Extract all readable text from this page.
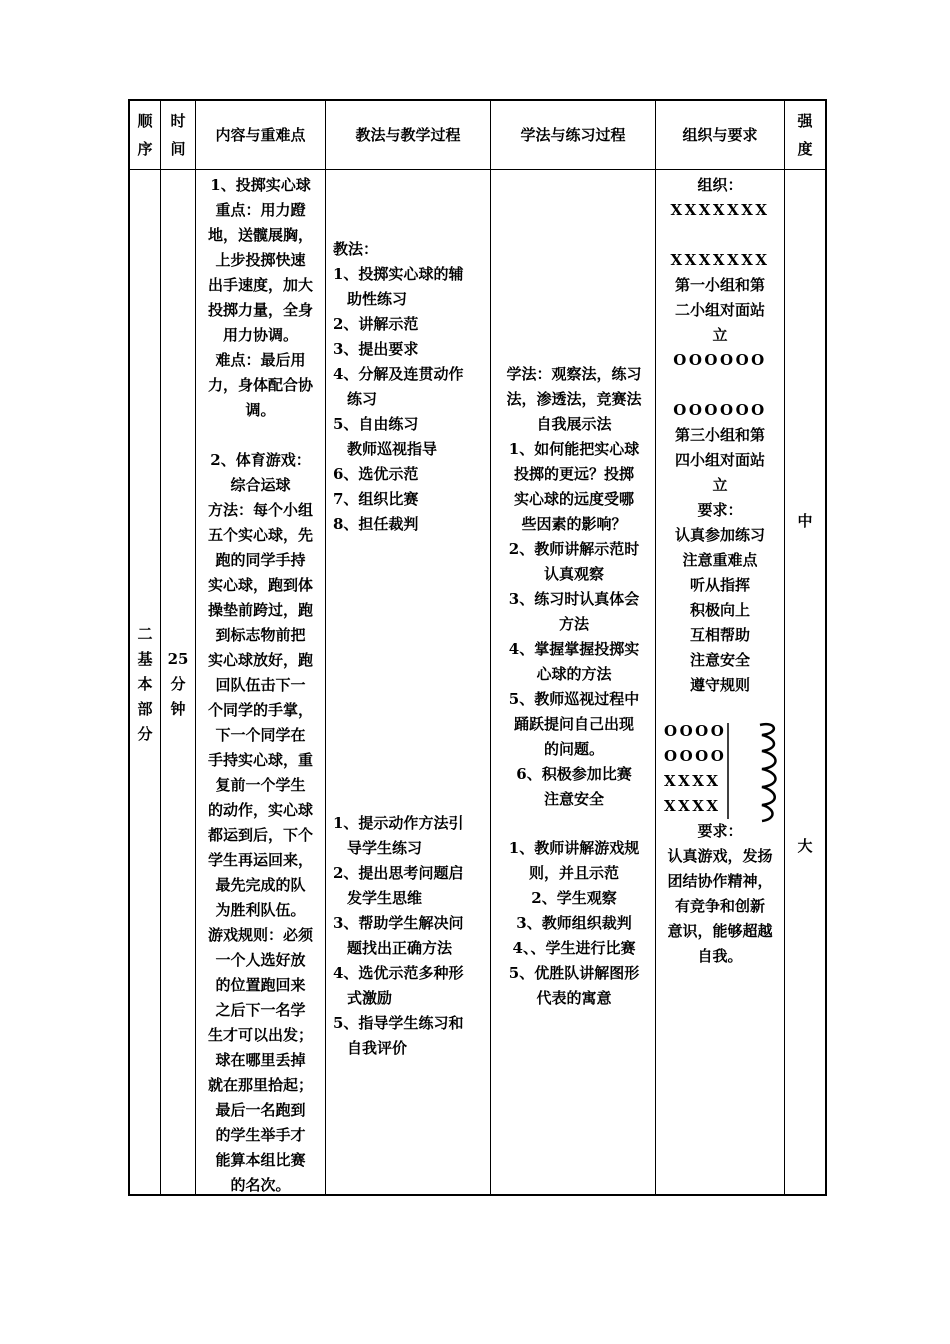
顺
序
时
间
内容与重难点	学法与练习过程
教法与教学过程	组织与要求
强
度
二
基
本
部
分
25
分
钟
1、投掷实心球
重点：用力蹬
地，送髋展胸，
上步投掷快速
出手速度，加大
投掷力量，全身
用力协调。
难点：最后用
力，身体配合协
调。

2、体育游戏：
综合运球
方法：每个小组
五个实心球，先
跑的同学手持
实心球，跑到体
操垫前跨过，跑
到标志物前把
实心球放好，跑
回队伍击下一
个同学的手掌，
下一个同学在
手持实心球，重
复前一个学生
的动作，实心球
都运到后，下个
学生再运回来，
最先完成的队
为胜利队伍。
游戏规则：必须
一个人选好放
的位置跑回来
之后下一名学
生才可以出发；
球在哪里丢掉
就在那里拾起；
最后一名跑到
的学生举手才
能算本组比赛
的名次。
教法：
1、投掷实心球的辅
助性练习
2、讲解示范
3、提出要求
4、分解及连贯动作
练习
5、自由练习
教师巡视指导
6、选优示范
7、组织比赛
8、担任裁判
1、提示动作方法引
导学生练习
2、提出思考问题启
发学生思维
3、帮助学生解决问
题找出正确方法
4、选优示范多种形
式激励
5、指导学生练习和
自我评价
学法：观察法，练习
法，渗透法，竞赛法
自我展示法
1、如何能把实心球
投掷的更远？投掷
实心球的远度受哪
些因素的影响？
2、教师讲解示范时
认真观察
3、练习时认真体会
方法
4、掌握掌握投掷实
心球的方法
5、教师巡视过程中
踊跃提问自己出现
的问题。
6、积极参加比赛
注意安全
1、教师讲解游戏规
则，并且示范
2、学生观察
3、教师组织裁判
4、、学生进行比赛
5、优胜队讲解图形
代表的寓意
组织：
XXXXXXX

XXXXXXX
第一小组和第
二小组对面站
立
OOOOOO

OOOOOO
第三小组和第
四小组对面站
立
要求：
认真参加练习
注意重难点
听从指挥
积极向上
互相帮助
注意安全
遵守规则
OOOO
OOOO
XXXX
XXXX
要求：
认真游戏，发扬
团结协作精神，
有竞争和创新
意识，能够超越
自我。
中
大
